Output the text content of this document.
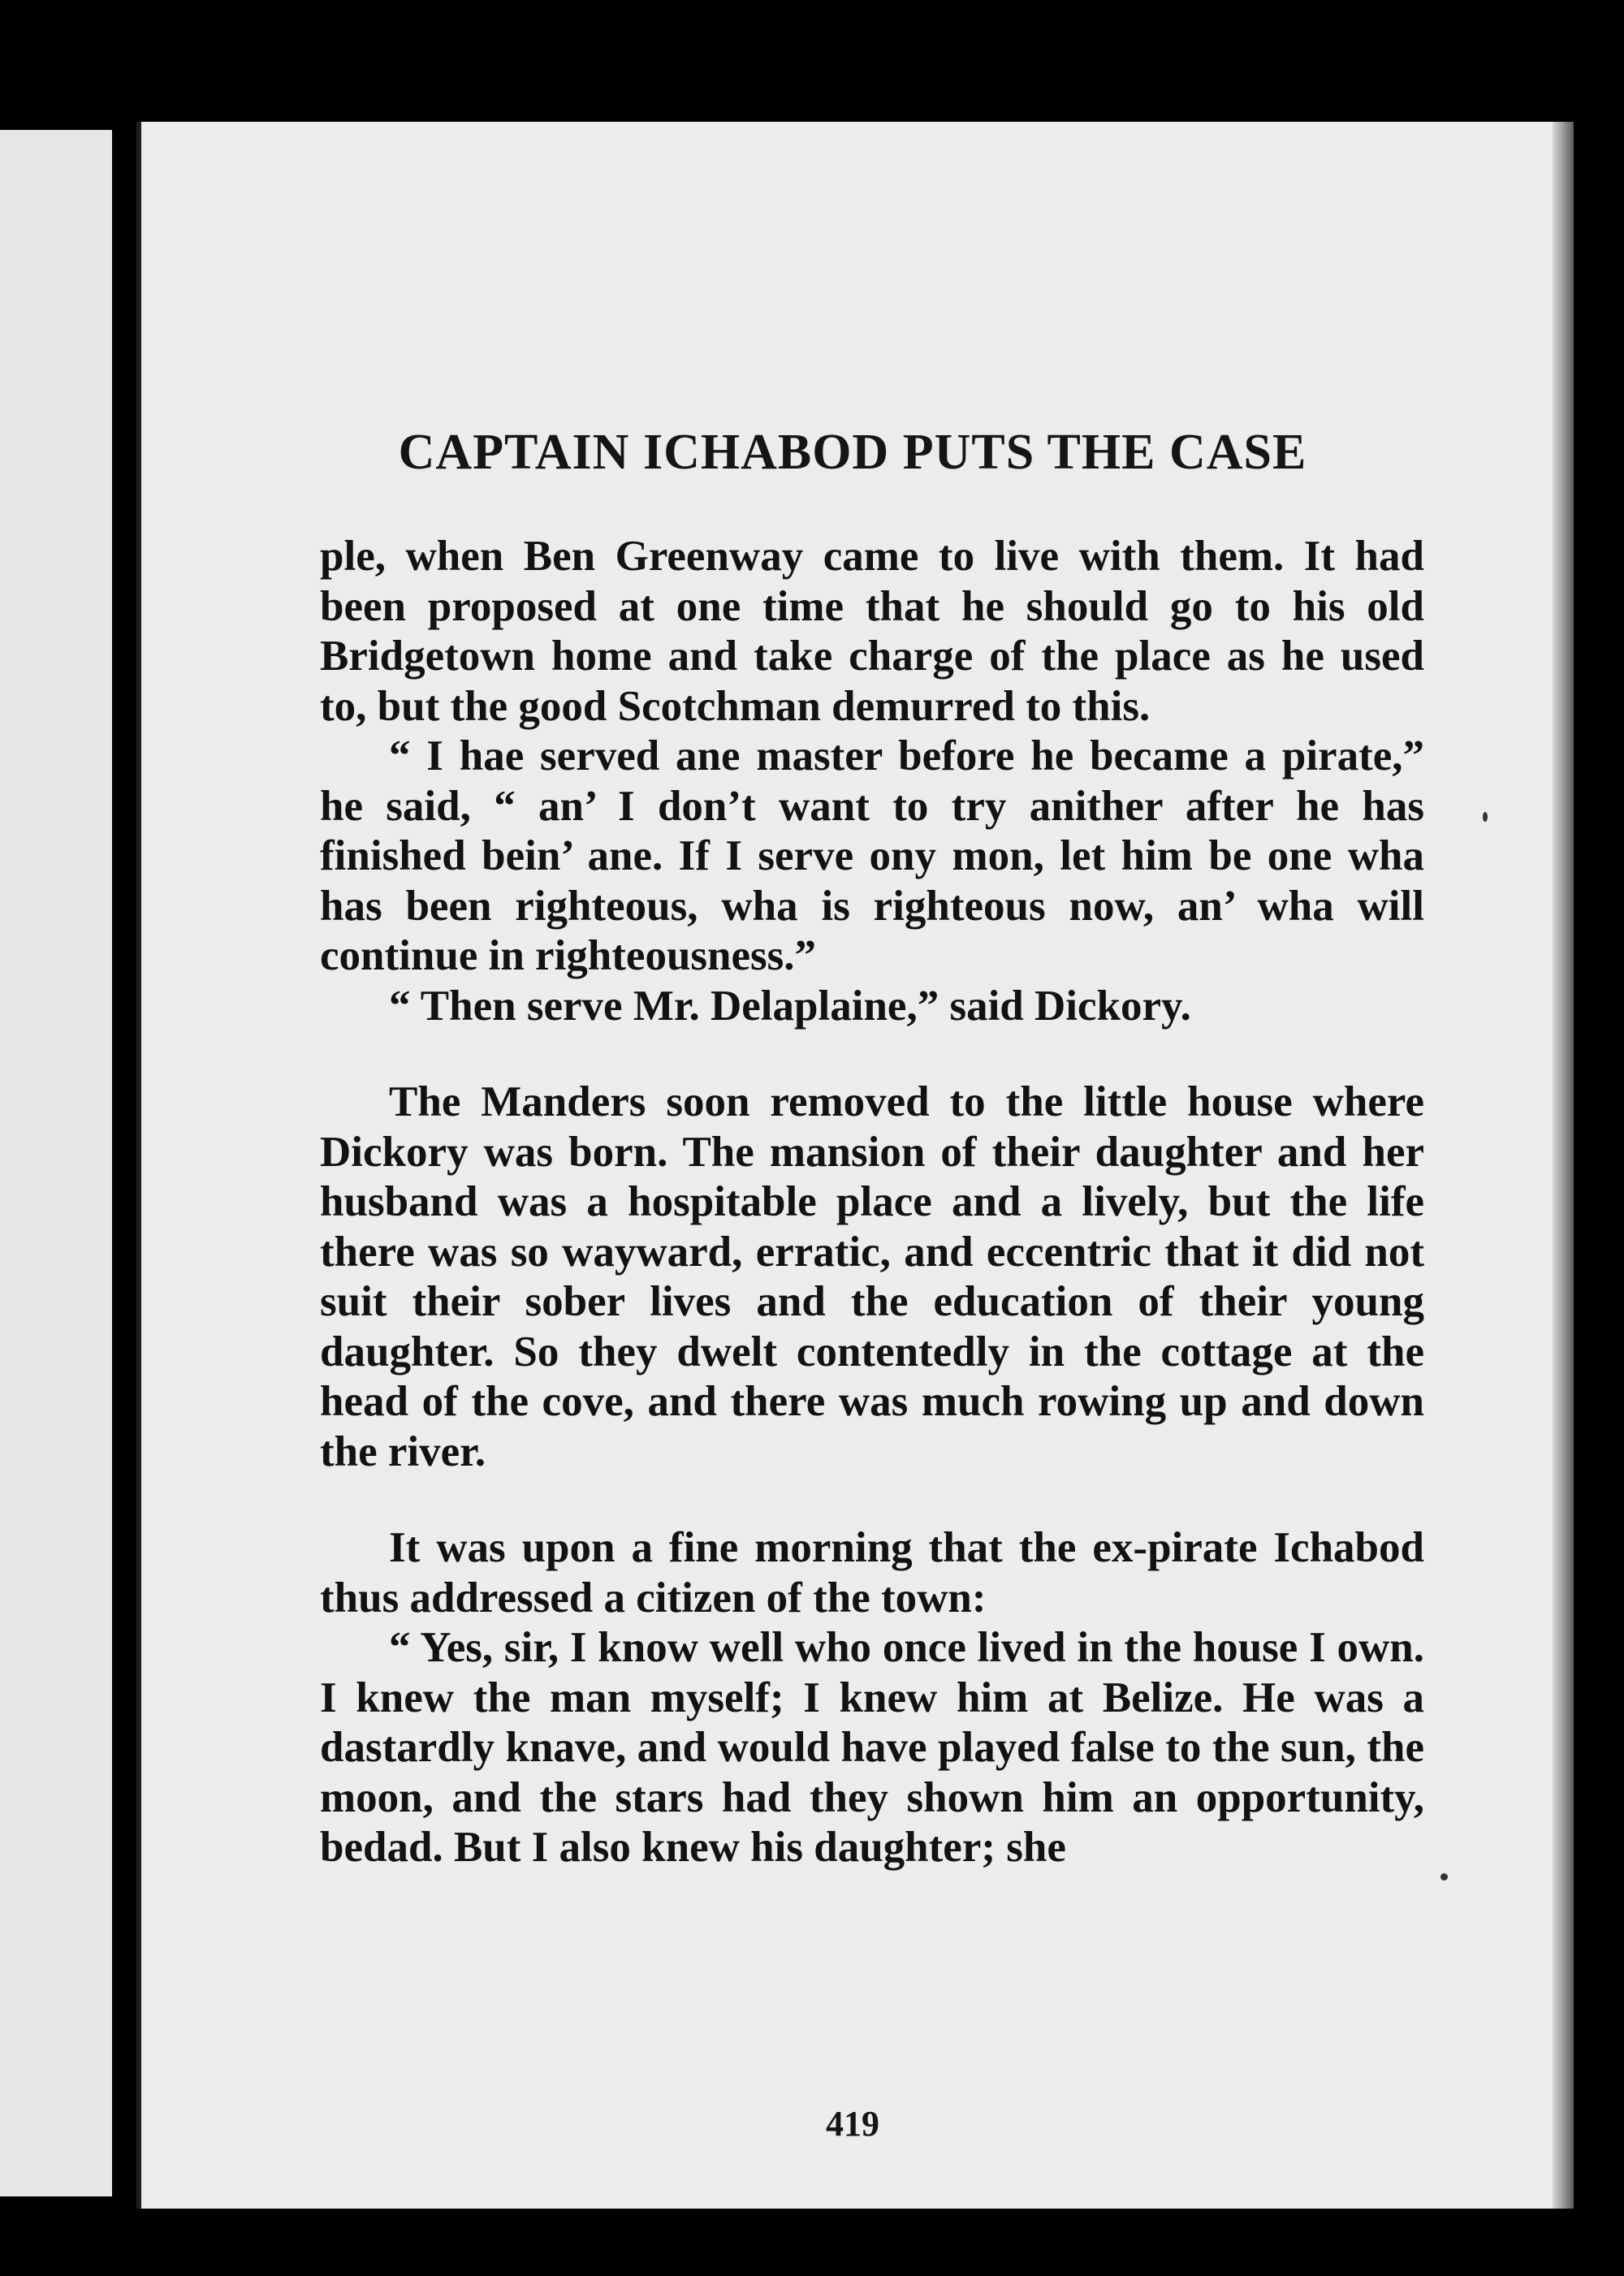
CAPTAIN ICHABOD PUTS THE CASE

ple, when Ben Greenway came to live with them. It had been proposed at one time that he should go to his old Bridgetown home and take charge of the place as he used to, but the good Scotchman demurred to this.

“ I hae served ane master before he became a pirate,” he said, “ an’ I don’t want to try anither after he has finished bein’ ane. If I serve ony mon, let him be one wha has been righteous, wha is righteous now, an’ wha will continue in righteousness.”

“ Then serve Mr. Delaplaine,” said Dickory.

The Manders soon removed to the little house where Dickory was born. The mansion of their daughter and her husband was a hospitable place and a lively, but the life there was so wayward, erratic, and eccentric that it did not suit their sober lives and the education of their young daughter. So they dwelt contentedly in the cottage at the head of the cove, and there was much rowing up and down the river.

It was upon a fine morning that the ex-pirate Ichabod thus addressed a citizen of the town:

“ Yes, sir, I know well who once lived in the house I own. I knew the man myself; I knew him at Belize. He was a dastardly knave, and would have played false to the sun, the moon, and the stars had they shown him an opportunity, bedad. But I also knew his daughter; she

419
